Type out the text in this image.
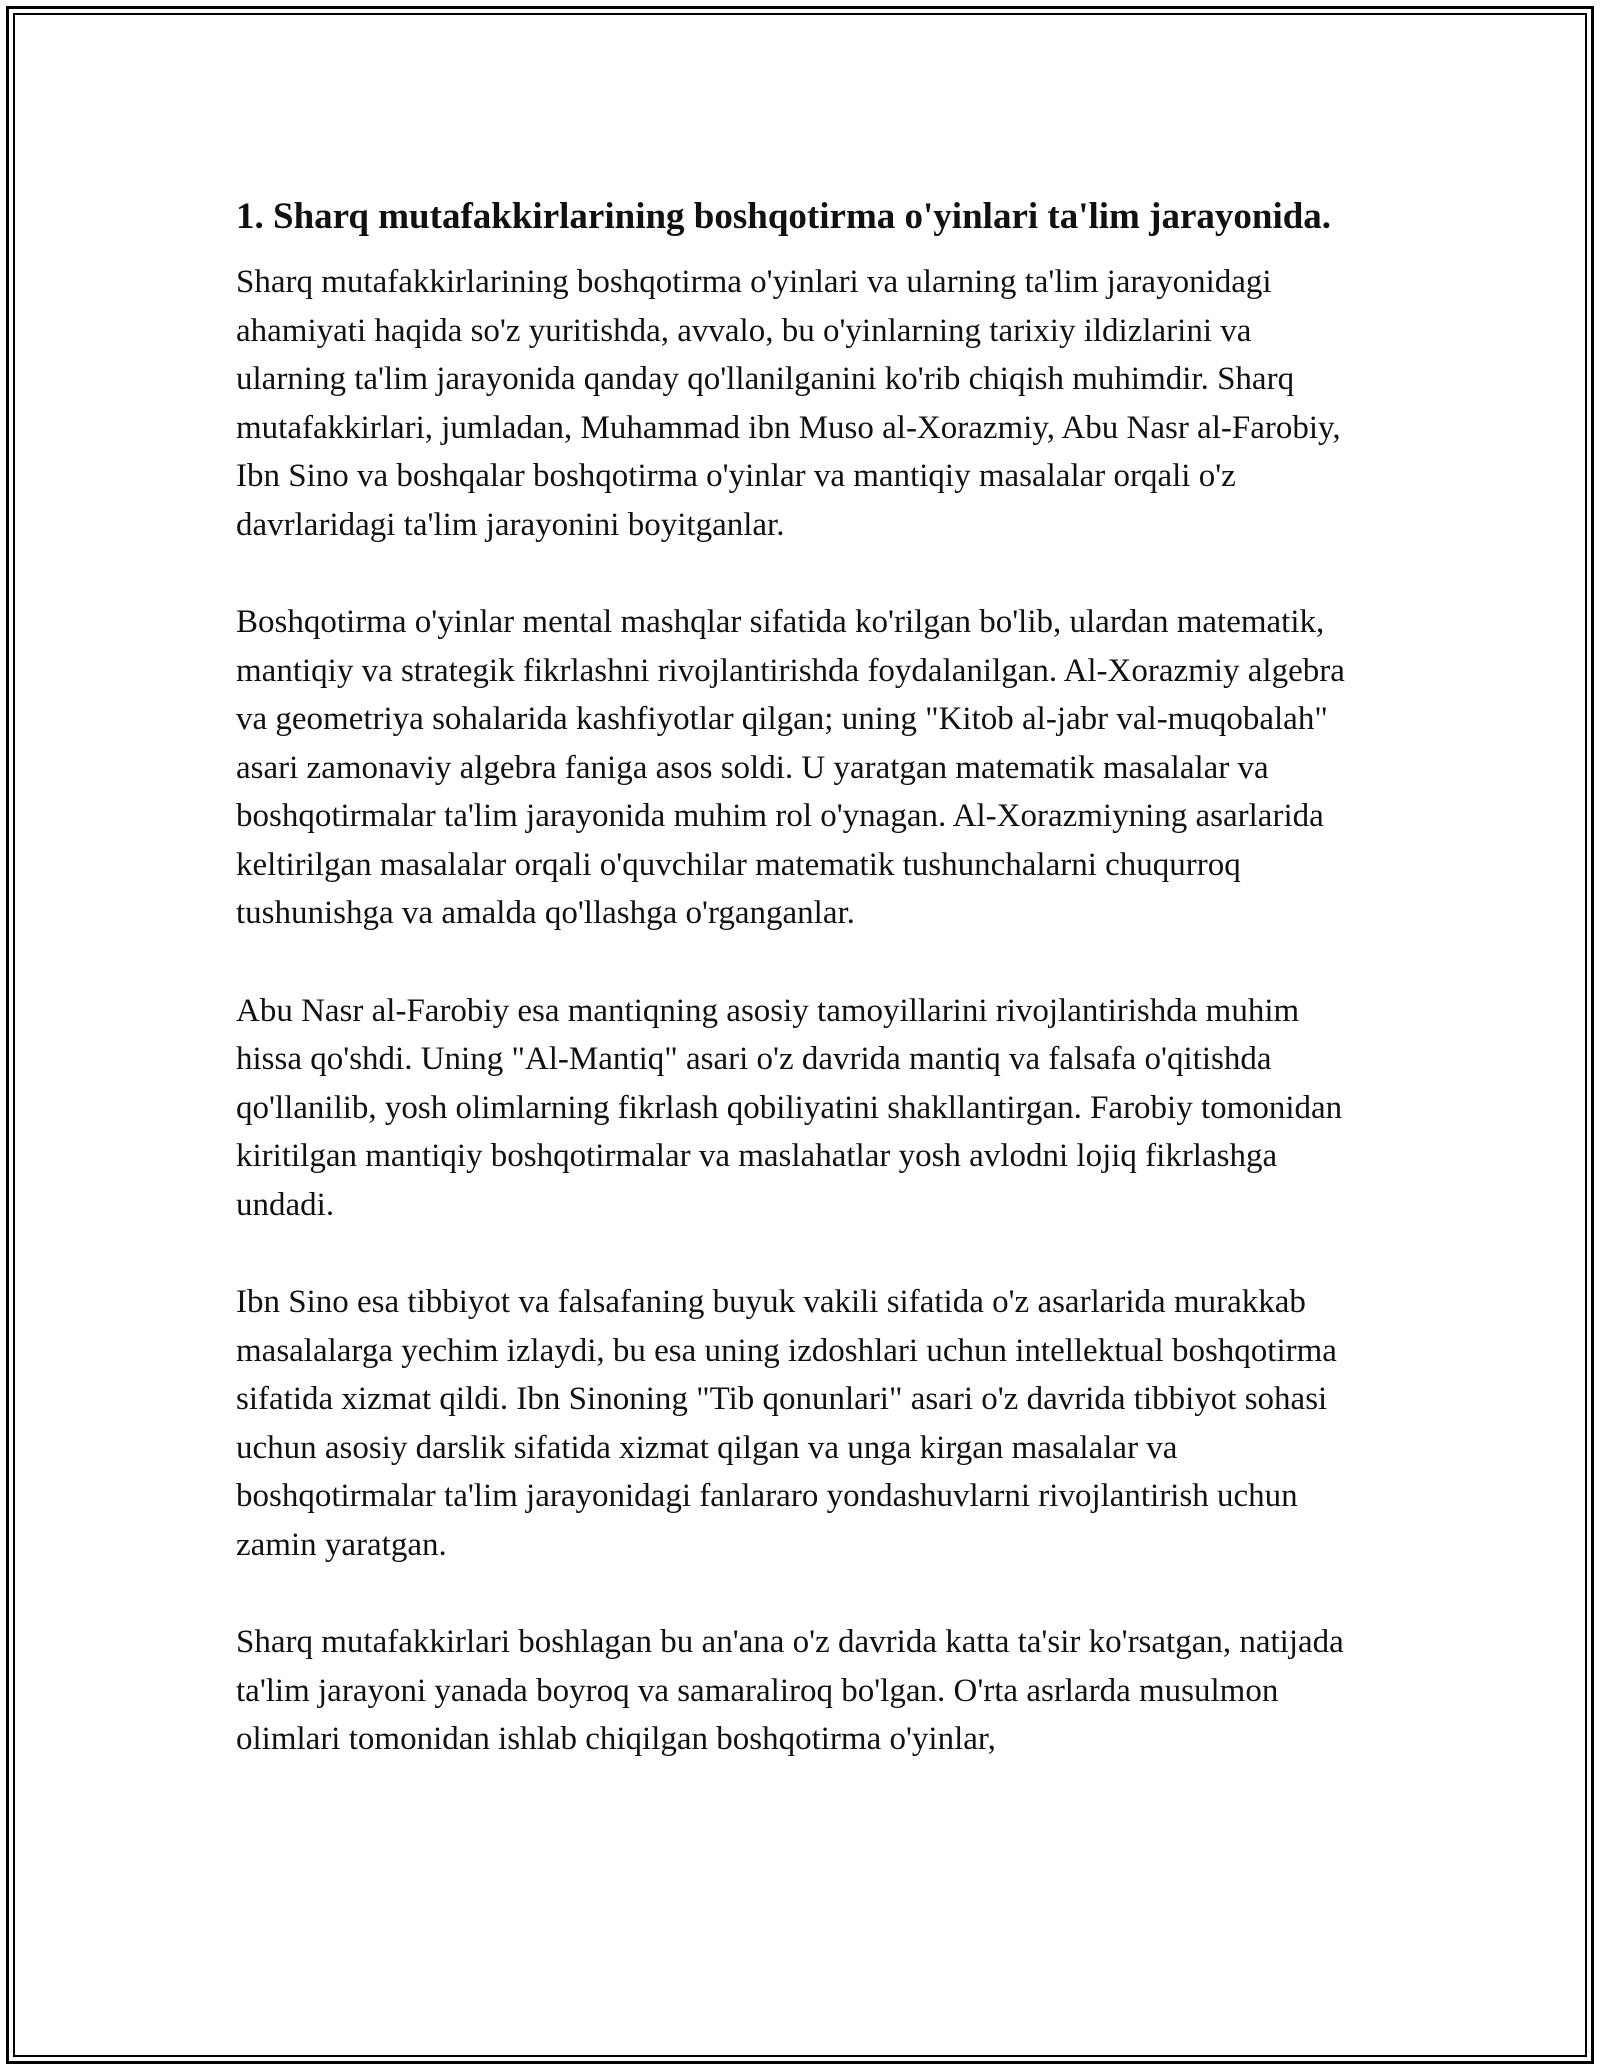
1. Sharq mutafakkirlarining boshqotirma o'yinlari ta'lim jarayonida.

Sharq mutafakkirlarining boshqotirma o'yinlari va ularning ta'lim jarayonidagi ahamiyati haqida so'z yuritishda, avvalo, bu o'yinlarning tarixiy ildizlarini va ularning ta'lim jarayonida qanday qo'llanilganini ko'rib chiqish muhimdir. Sharq mutafakkirlari, jumladan, Muhammad ibn Muso al-Xorazmiy, Abu Nasr al-Farobiy, Ibn Sino va boshqalar boshqotirma o'yinlar va mantiqiy masalalar orqali o'z davrlaridagi ta'lim jarayonini boyitganlar.

Boshqotirma o'yinlar mental mashqlar sifatida ko'rilgan bo'lib, ulardan matematik, mantiqiy va strategik fikrlashni rivojlantirishda foydalanilgan. Al-Xorazmiy algebra va geometriya sohalarida kashfiyotlar qilgan; uning "Kitob al-jabr val-muqobalah" asari zamonaviy algebra faniga asos soldi. U yaratgan matematik masalalar va boshqotirmalar ta'lim jarayonida muhim rol o'ynagan. Al-Xorazmiyning asarlarida keltirilgan masalalar orqali o'quvchilar matematik tushunchalarni chuqurroq tushunishga va amalda qo'llashga o'rganganlar.

Abu Nasr al-Farobiy esa mantiqning asosiy tamoyillarini rivojlantirishda muhim hissa qo'shdi. Uning "Al-Mantiq" asari o'z davrida mantiq va falsafa o'qitishda qo'llanilib, yosh olimlarning fikrlash qobiliyatini shakllantirgan. Farobiy tomonidan kiritilgan mantiqiy boshqotirmalar va maslahatlar yosh avlodni lojiq fikrlashga undadi.

Ibn Sino esa tibbiyot va falsafaning buyuk vakili sifatida o'z asarlarida murakkab masalalarga yechim izlaydi, bu esa uning izdoshlari uchun intellektual boshqotirma sifatida xizmat qildi. Ibn Sinoning "Tib qonunlari" asari o'z davrida tibbiyot sohasi uchun asosiy darslik sifatida xizmat qilgan va unga kirgan masalalar va boshqotirmalar ta'lim jarayonidagi fanlararo yondashuvlarni rivojlantirish uchun zamin yaratgan.

Sharq mutafakkirlari boshlagan bu an'ana o'z davrida katta ta'sir ko'rsatgan, natijada ta'lim jarayoni yanada boyroq va samaraliroq bo'lgan. O'rta asrlarda musulmon olimlari tomonidan ishlab chiqilgan boshqotirma o'yinlar,
